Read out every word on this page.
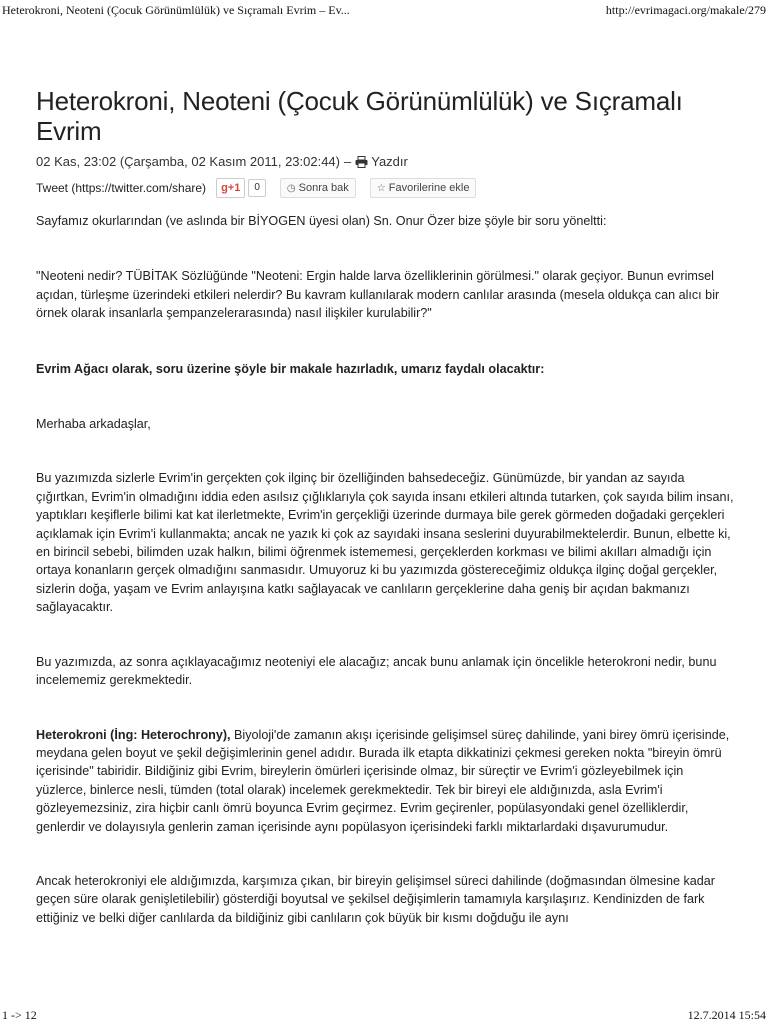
Heterokroni, Neoteni (Çocuk Görünümlülük) ve Sıçramalı Evrim – Ev...	http://evrimagaci.org/makale/279
Heterokroni, Neoteni (Çocuk Görünümlülük) ve Sıçramalı Evrim
02 Kas, 23:02 (Çarşamba, 02 Kasım 2011, 23:02:44) – Yazdır
Tweet (https://twitter.com/share)	g+1	0	◷ Sonra bak	☆ Favorilerine ekle

Sayfamız okurlarından (ve aslında bir BİYOGEN üyesi olan) Sn. Onur Özer bize şöyle bir soru yöneltti:

"Neoteni nedir? TÜBİTAK Sözlüğünde "Neoteni: Ergin halde larva özelliklerinin görülmesi." olarak geçiyor. Bunun evrimsel açıdan, türleşme üzerindeki etkileri nelerdir? Bu kavram kullanılarak modern canlılar arasında (mesela oldukça can alıcı bir örnek olarak insanlarla şempanzelerarasında) nasıl ilişkiler kurulabilir?"

Evrim Ağacı olarak, soru üzerine şöyle bir makale hazırladık, umarız faydalı olacaktır:

Merhaba arkadaşlar,

Bu yazımızda sizlerle Evrim'in gerçekten çok ilginç bir özelliğinden bahsedeceğiz. Günümüzde, bir yandan az sayıda çığırtkan, Evrim'in olmadığını iddia eden asılsız çığlıklarıyla çok sayıda insanı etkileri altında tutarken, çok sayıda bilim insanı, yaptıkları keşiflerle bilimi kat kat ilerletmekte, Evrim'in gerçekliği üzerinde durmaya bile gerek görmeden doğadaki gerçekleri açıklamak için Evrim'i kullanmakta; ancak ne yazık ki çok az sayıdaki insana seslerini duyurabilmektelerdir. Bunun, elbette ki, en birincil sebebi, bilimden uzak halkın, bilimi öğrenmek istememesi, gerçeklerden korkması ve bilimi akılları almadığı için ortaya konanların gerçek olmadığını sanmasıdır. Umuyoruz ki bu yazımızda göstereceğimiz oldukça ilginç doğal gerçekler, sizlerin doğa, yaşam ve Evrim anlayışına katkı sağlayacak ve canlıların gerçeklerine daha geniş bir açıdan bakmanızı sağlayacaktır.

Bu yazımızda, az sonra açıklayacağımız neoteniyi ele alacağız; ancak bunu anlamak için öncelikle heterokroni nedir, bunu incelememiz gerekmektedir.

Heterokroni (İng: Heterochrony), Biyoloji'de zamanın akışı içerisinde gelişimsel süreç dahilinde, yani birey ömrü içerisinde, meydana gelen boyut ve şekil değişimlerinin genel adıdır. Burada ilk etapta dikkatinizi çekmesi gereken nokta "bireyin ömrü içerisinde" tabiridir. Bildiğiniz gibi Evrim, bireylerin ömürleri içerisinde olmaz, bir süreçtir ve Evrim'i gözleyebilmek için yüzlerce, binlerce nesli, tümden (total olarak) incelemek gerekmektedir. Tek bir bireyi ele aldığınızda, asla Evrim'i gözleyemezsiniz, zira hiçbir canlı ömrü boyunca Evrim geçirmez. Evrim geçirenler, popülasyondaki genel özelliklerdir, genlerdir ve dolayısıyla genlerin zaman içerisinde aynı popülasyon içerisindeki farklı miktarlardaki dışavurumudur.

Ancak heterokroniyi ele aldığımızda, karşımıza çıkan, bir bireyin gelişimsel süreci dahilinde (doğmasından ölmesine kadar geçen süre olarak genişletilebilir) gösterdiği boyutsal ve şekilsel değişimlerin tamamıyla karşılaşırız. Kendinizden de fark ettiğiniz ve belki diğer canlılarda da bildiğiniz gibi canlıların çok büyük bir kısmı doğduğu ile aynı

1 -> 12	12.7.2014 15:54
